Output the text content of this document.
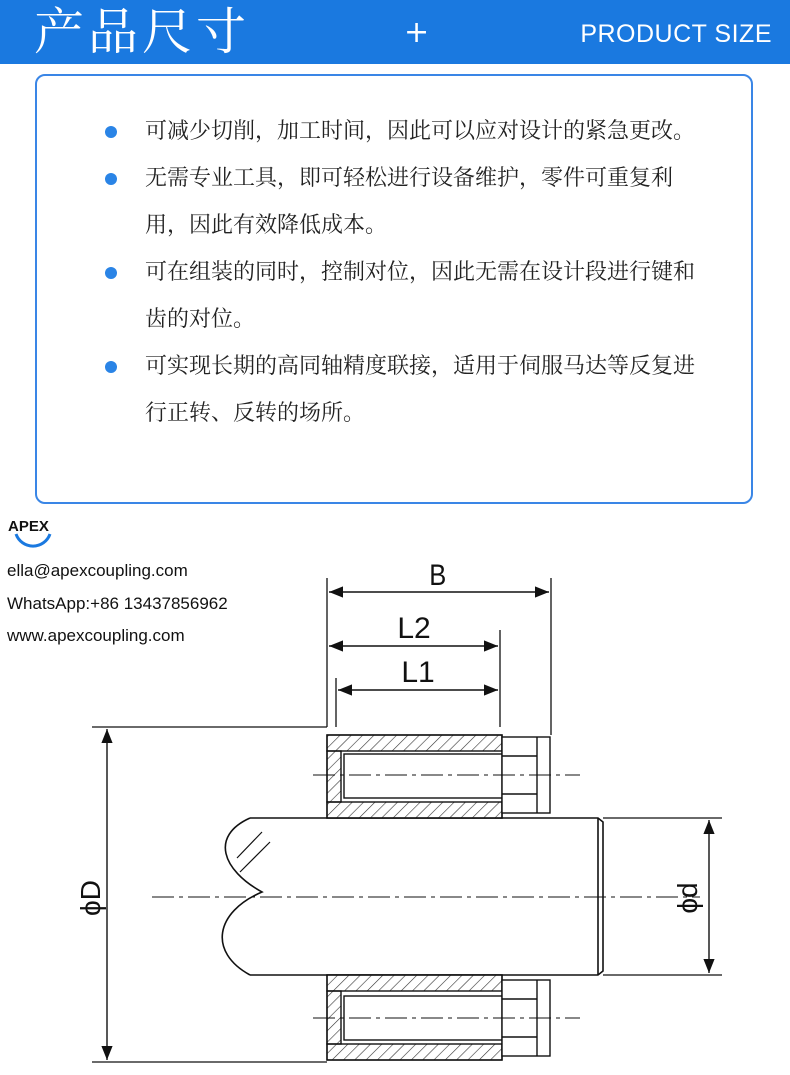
产品尺寸	+	PRODUCT SIZE
可减少切削，加工时间，因此可以应对设计的紧急更改。
无需专业工具，即可轻松进行设备维护，零件可重复利用，因此有效降低成本。
可在组装的同时，控制对位，因此无需在设计段进行键和齿的对位。
可实现长期的高同轴精度联接，适用于伺服马达等反复进行正转、反转的场所。
APEX
ella@apexcoupling.com
WhatsApp:+86 13437856962
www.apexcoupling.com
B
L2
L1
ϕD	ϕd
